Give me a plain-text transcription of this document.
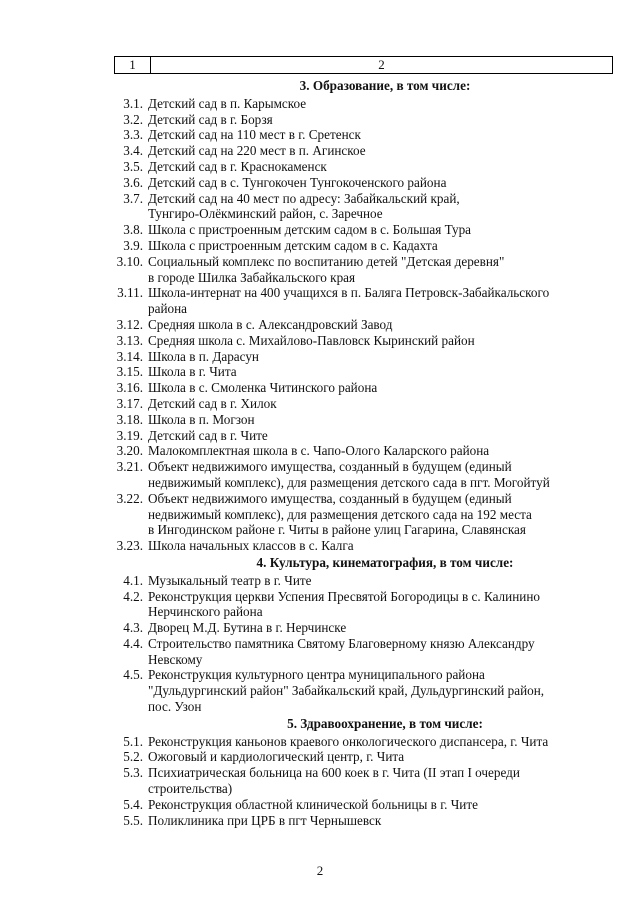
1	2
3. Образование, в том числе:
3.1. Детский сад в п. Карымское
3.2. Детский сад в г. Борзя
3.3. Детский сад на 110 мест в г. Сретенск
3.4. Детский сад на 220 мест в п. Агинское
3.5. Детский сад в г. Краснокаменск
3.6. Детский сад в с. Тунгокочен Тунгокоченского района
3.7. Детский сад на 40 мест по адресу: Забайкальский край,
Тунгиро-Олёкминский район, с. Заречное
3.8. Школа с пристроенным детским садом в с. Большая Тура
3.9. Школа с пристроенным детским садом в с. Кадахта
3.10. Социальный комплекс по воспитанию детей "Детская деревня"
в городе Шилка Забайкальского края
3.11. Школа-интернат на 400 учащихся в п. Баляга Петровск-Забайкальского
района
3.12. Средняя школа в с. Александровский Завод
3.13. Средняя школа с. Михайлово-Павловск Кыринский район
3.14. Школа в п. Дарасун
3.15. Школа в г. Чита
3.16. Школа в с. Смоленка Читинского района
3.17. Детский сад в г. Хилок
3.18. Школа в п. Могзон
3.19. Детский сад в г. Чите
3.20. Малокомплектная школа в с. Чапо-Ологo Каларского района
3.21. Объект недвижимого имущества, созданный в будущем (единый
недвижимый комплекс), для размещения детского сада в пгт. Могойтуй
3.22. Объект недвижимого имущества, созданный в будущем (единый
недвижимый комплекс), для размещения детского сада на 192 места
в Ингодинском районе г. Читы в районе улиц Гагарина, Славянская
3.23. Школа начальных классов в с. Калга
4. Культура, кинематография, в том числе:
4.1. Музыкальный театр в г. Чите
4.2. Реконструкция церкви Успения Пресвятой Богородицы в с. Калинино
Нерчинского района
4.3. Дворец М.Д. Бутина в г. Нерчинске
4.4. Строительство памятника Святому Благоверному князю Александру
Невскому
4.5. Реконструкция культурного центра муниципального района
"Дульдургинский район" Забайкальский край, Дульдургинский район,
пос. Узон
5. Здравоохранение, в том числе:
5.1. Реконструкция каньонов краевого онкологического диспансера, г. Чита
5.2. Ожоговый и кардиологический центр, г. Чита
5.3. Психиатрическая больница на 600 коек в г. Чита (II этап I очереди
строительства)
5.4. Реконструкция областной клинической больницы в г. Чите
5.5. Поликлиника при ЦРБ в пгт Чернышевск
2
